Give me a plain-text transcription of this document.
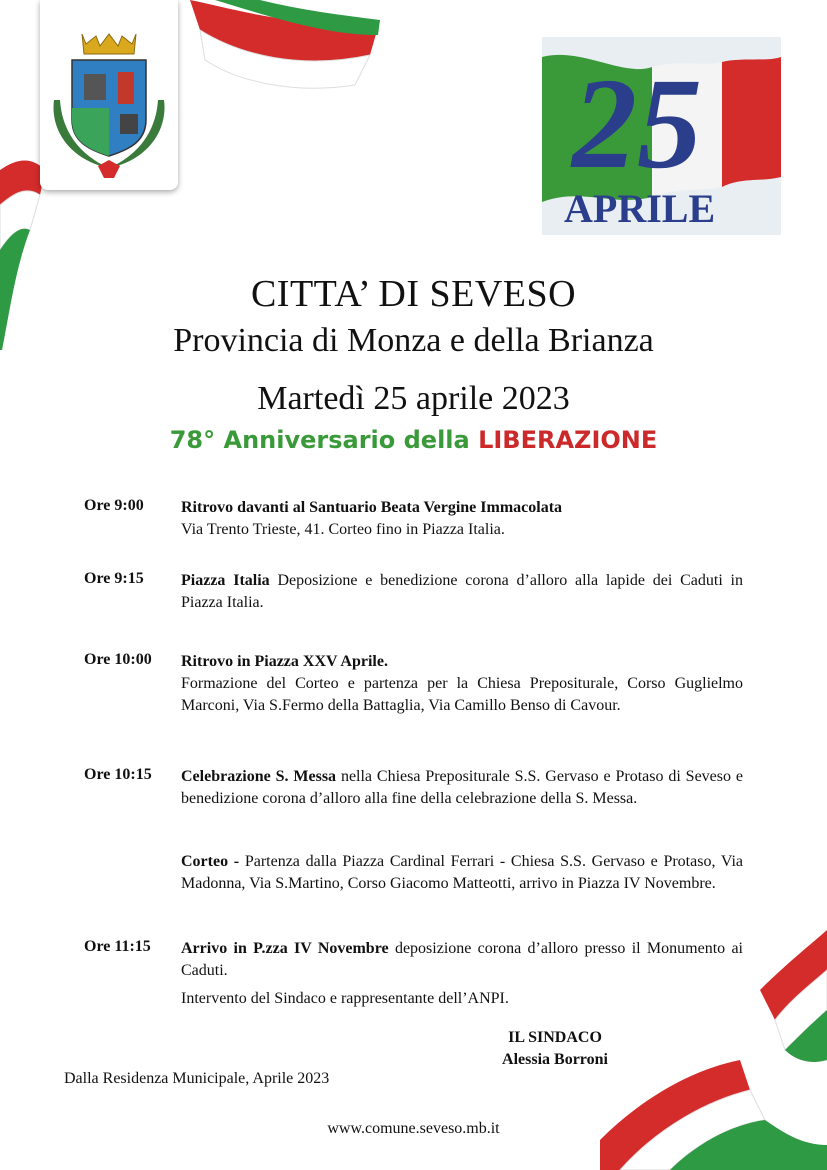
25
APRILE
CITTA’ DI SEVESO
Provincia di Monza e della Brianza
Martedì 25 aprile 2023
78° Anniversario della LIBERAZIONE
Ore 9:00 Ritrovo davanti al Santuario Beata Vergine Immacolata
Via Trento Trieste, 41. Corteo fino in Piazza Italia.
Ore 9:15 Piazza Italia Deposizione e benedizione corona d’alloro alla lapide dei Caduti in Piazza Italia.
Ore 10:00 Ritrovo in Piazza XXV Aprile.
Formazione del Corteo e partenza per la Chiesa Prepositurale, Corso Guglielmo Marconi, Via S.Fermo della Battaglia, Via Camillo Benso di Cavour.
Ore 10:15 Celebrazione S. Messa nella Chiesa Prepositurale S.S. Gervaso e Protaso di Seveso e benedizione corona d’alloro alla fine della celebrazione della S. Messa.
Corteo - Partenza dalla Piazza Cardinal Ferrari - Chiesa S.S. Gervaso e Protaso, Via Madonna, Via S.Martino, Corso Giacomo Matteotti, arrivo in Piazza IV Novembre.
Ore 11:15 Arrivo in P.zza IV Novembre deposizione corona d’alloro presso il Monumento ai Caduti.
Intervento del Sindaco e rappresentante dell’ANPI.
IL SINDACO
Alessia Borroni
Dalla Residenza Municipale, Aprile 2023
www.comune.seveso.mb.it
